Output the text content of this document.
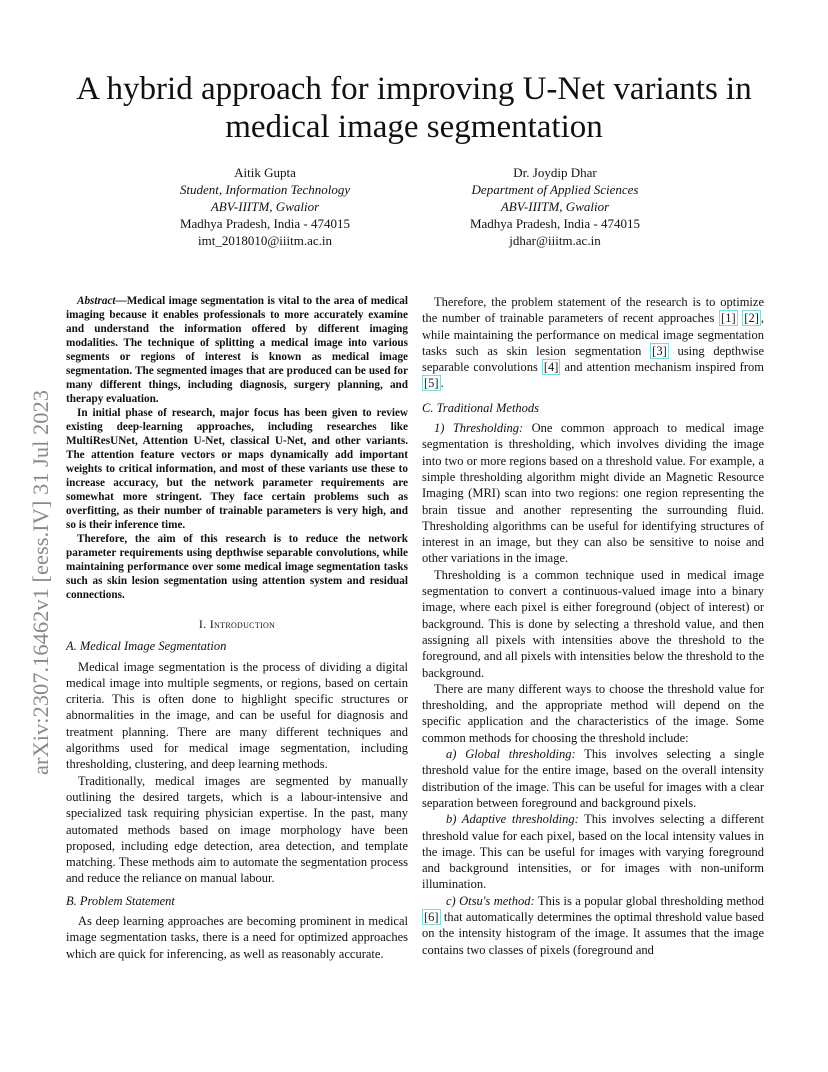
arXiv:2307.16462v1 [eess.IV] 31 Jul 2023
A hybrid approach for improving U-Net variants in medical image segmentation
Aitik Gupta
Student, Information Technology
ABV-IIITM, Gwalior
Madhya Pradesh, India - 474015
imt_2018010@iiitm.ac.in
Dr. Joydip Dhar
Department of Applied Sciences
ABV-IIITM, Gwalior
Madhya Pradesh, India - 474015
jdhar@iiitm.ac.in

Abstract—Medical image segmentation is vital to the area of medical imaging because it enables professionals to more accurately examine and understand the information offered by different imaging modalities. The technique of splitting a medical image into various segments or regions of interest is known as medical image segmentation. The segmented images that are produced can be used for many different things, including diagnosis, surgery planning, and therapy evaluation.

In initial phase of research, major focus has been given to review existing deep-learning approaches, including researches like MultiResUNet, Attention U-Net, classical U-Net, and other variants. The attention feature vectors or maps dynamically add important weights to critical information, and most of these variants use these to increase accuracy, but the network parameter requirements are somewhat more stringent. They face certain problems such as overfitting, as their number of trainable parameters is very high, and so is their inference time.

Therefore, the aim of this research is to reduce the network parameter requirements using depthwise separable convolutions, while maintaining performance over some medical image segmentation tasks such as skin lesion segmentation using attention system and residual connections.

I. Introduction
A. Medical Image Segmentation

Medical image segmentation is the process of dividing a digital medical image into multiple segments, or regions, based on certain criteria. This is often done to highlight specific structures or abnormalities in the image, and can be useful for diagnosis and treatment planning. There are many different techniques and algorithms used for medical image segmentation, including thresholding, clustering, and deep learning methods.

Traditionally, medical images are segmented by manually outlining the desired targets, which is a labour-intensive and specialized task requiring physician expertise. In the past, many automated methods based on image morphology have been proposed, including edge detection, area detection, and template matching. These methods aim to automate the segmentation process and reduce the reliance on manual labour.

B. Problem Statement

As deep learning approaches are becoming prominent in medical image segmentation tasks, there is a need for optimized approaches which are quick for inferencing, as well as reasonably accurate.

Therefore, the problem statement of the research is to optimize the number of trainable parameters of recent approaches [1] [2] , while maintaining the performance on medical image segmentation tasks such as skin lesion segmentation [3] using depthwise separable convolutions [4] and attention mechanism inspired from [5] .

C. Traditional Methods

1) Thresholding: One common approach to medical image segmentation is thresholding, which involves dividing the image into two or more regions based on a threshold value. For example, a simple thresholding algorithm might divide an Magnetic Resource Imaging (MRI) scan into two regions: one region representing the brain tissue and another representing the surrounding fluid. Thresholding algorithms can be useful for identifying structures of interest in an image, but they can also be sensitive to noise and other variations in the image.

Thresholding is a common technique used in medical image segmentation to convert a continuous-valued image into a binary image, where each pixel is either foreground (object of interest) or background. This is done by selecting a threshold value, and then assigning all pixels with intensities above the threshold to the foreground, and all pixels with intensities below the threshold to the background.

There are many different ways to choose the threshold value for thresholding, and the appropriate method will depend on the specific application and the characteristics of the image. Some common methods for choosing the threshold include:

a) Global thresholding: This involves selecting a single threshold value for the entire image, based on the overall intensity distribution of the image. This can be useful for images with a clear separation between foreground and background pixels.

b) Adaptive thresholding: This involves selecting a different threshold value for each pixel, based on the local intensity values in the image. This can be useful for images with varying foreground and background intensities, or for images with non-uniform illumination.

c) Otsu's method: This is a popular global thresholding method [6] that automatically determines the optimal threshold value based on the intensity histogram of the image. It assumes that the image contains two classes of pixels (foreground and
